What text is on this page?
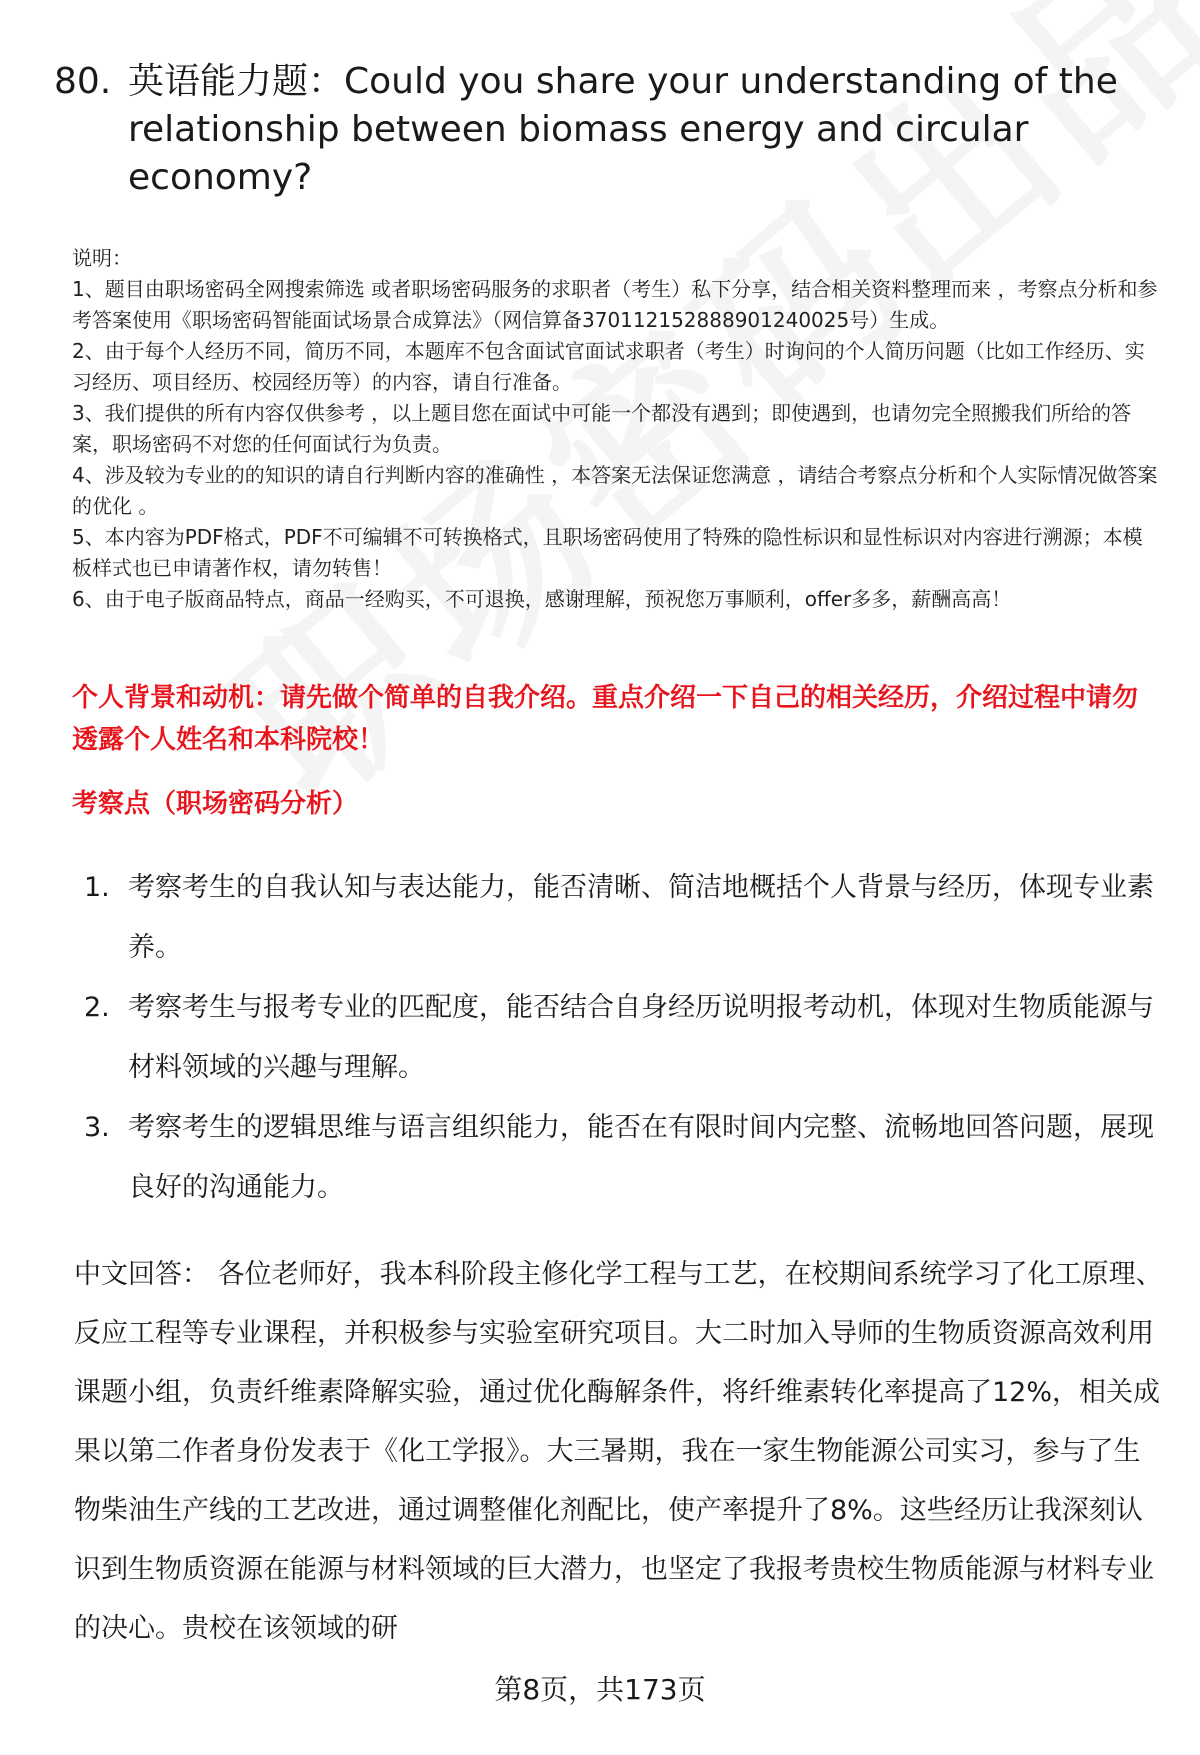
80. 英语能力题：Could you share your understanding of the relationship between biomass energy and circular economy?

说明：

1、题目由职场密码全网搜索筛选 或者职场密码服务的求职者（考生）私下分享，结合相关资料整理而来 ，考察点分析和参考答案使用《职场密码智能面试场景合成算法》（网信算备370112152888901240025号）生成。

2、由于每个人经历不同，简历不同，本题库不包含面试官面试求职者（考生）时询问的个人简历问题（比如工作经历、实习经历、项目经历、校园经历等）的内容，请自行准备。

3、我们提供的所有内容仅供参考 ，以上题目您在面试中可能一个都没有遇到；即使遇到，也请勿完全照搬我们所给的答案，职场密码不对您的任何面试行为负责。

4、涉及较为专业的的知识的请自行判断内容的准确性 ，本答案无法保证您满意 ，请结合考察点分析和个人实际情况做答案的优化 。

5、本内容为PDF格式，PDF不可编辑不可转换格式，且职场密码使用了特殊的隐性标识和显性标识对内容进行溯源；本模板样式也已申请著作权，请勿转售！

6、由于电子版商品特点，商品一经购买，不可退换，感谢理解，预祝您万事顺利，offer多多，薪酬高高！

个人背景和动机：请先做个简单的自我介绍。重点介绍一下自己的相关经历，介绍过程中请勿透露个人姓名和本科院校！
考察点（职场密码分析）
1. 考察考生的自我认知与表达能力，能否清晰、简洁地概括个人背景与经历，体现专业素养。
2. 考察考生与报考专业的匹配度，能否结合自身经历说明报考动机，体现对生物质能源与材料领域的兴趣与理解。
3. 考察考生的逻辑思维与语言组织能力，能否在有限时间内完整、流畅地回答问题，展现良好的沟通能力。

中文回答： 各位老师好，我本科阶段主修化学工程与工艺，在校期间系统学习了化工原理、反应工程等专业课程，并积极参与实验室研究项目。大二时加入导师的生物质资源高效利用课题小组，负责纤维素降解实验，通过优化酶解条件，将纤维素转化率提高了12%，相关成果以第二作者身份发表于《化工学报》。大三暑期，我在一家生物能源公司实习，参与了生物柴油生产线的工艺改进，通过调整催化剂配比，使产率提升了8%。这些经历让我深刻认识到生物质资源在能源与材料领域的巨大潜力，也坚定了我报考贵校生物质能源与材料专业的决心。贵校在该领域的研

第8页，共173页
